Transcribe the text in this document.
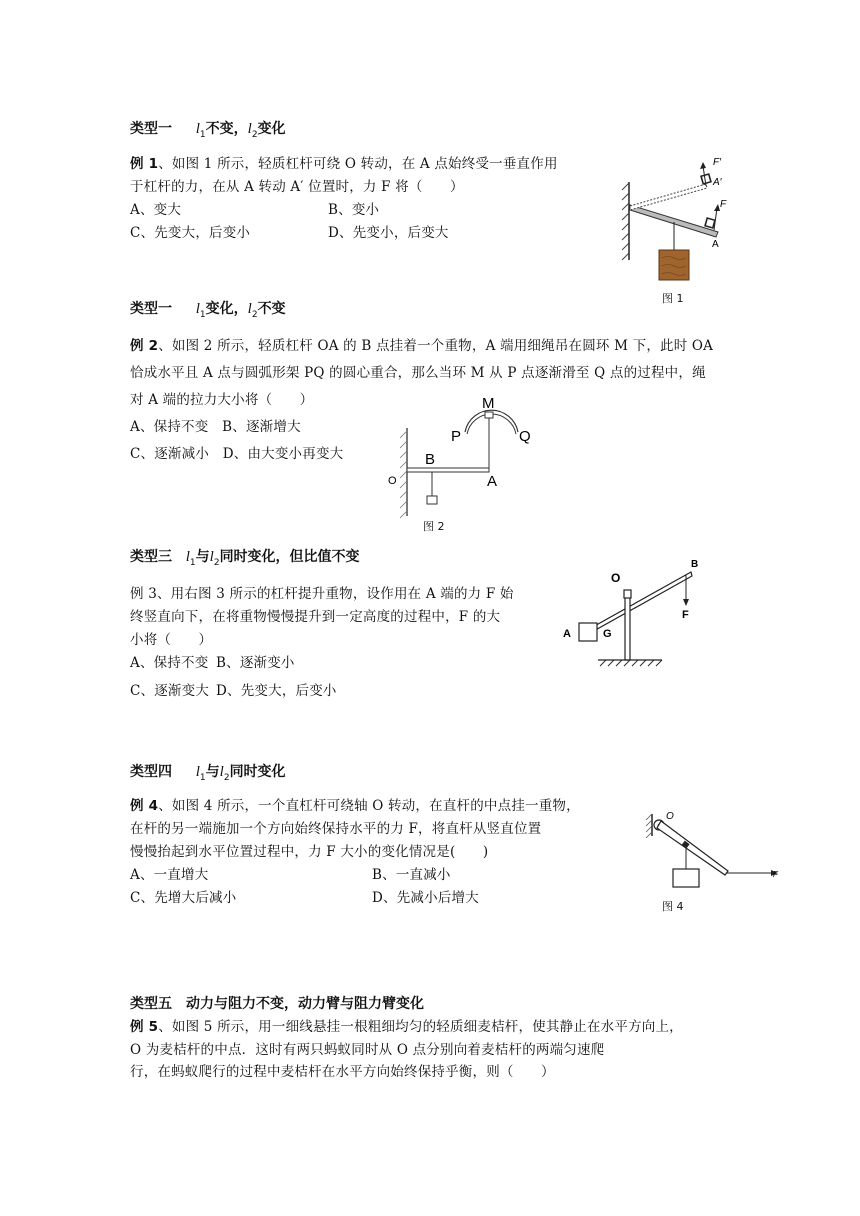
类型一 $l_1$不变，$l_2$变化
例 1、如图 1 所示，轻质杠杆可绕 O 转动，在 A 点始终受一垂直作用
于杠杆的力，在从 A 转动 A′ 位置时，力 F 将（　　）
A、变大	B、变小
C、先变大，后变小	D、先变小，后变大
F′
A′
F
A
图 1
类型一 $l_1$变化，$l_2$不变
例 2、如图 2 所示，轻质杠杆 OA 的 B 点挂着一个重物，A 端用细绳吊在圆环 M 下，此时 OA
恰成水平且 A 点与圆弧形架 PQ 的圆心重合，那么当环 M 从 P 点逐渐滑至 Q 点的过程中，绳
对 A 端的拉力大小将（　　）
A、保持不变　B、逐渐增大
C、逐渐减小　D、由大变小再变大
M
P	Q
B
O	A
图 2
类型三 $l_1$与$l_2$同时变化，但比值不变
例 3、用右图 3 所示的杠杆提升重物，设作用在 A 端的力 F 始
终竖直向下，在将重物慢慢提升到一定高度的过程中，F 的大
小将（　　）
A、保持不变 B、逐渐变小
C、逐渐变大 D、先变大，后变小
O
B
F
A	G
类型四 $l_1$与$l_2$同时变化
例 4、如图 4 所示，一个直杠杆可绕轴 O 转动，在直杆的中点挂一重物，
在杆的另一端施加一个方向始终保持水平的力 F，将直杆从竖直位置
慢慢抬起到水平位置过程中，力 F 大小的变化情况是(　　)
A、一直增大	B、一直减小
C、先增大后减小	D、先减小后增大
O
F
图 4
类型五　动力与阻力不变，动力臂与阻力臂变化
例 5、如图 5 所示，用一细线悬挂一根粗细均匀的轻质细麦桔杆，使其静止在水平方向上，
O 为麦桔杆的中点．这时有两只蚂蚁同时从 O 点分别向着麦桔杆的两端匀速爬
行，在蚂蚁爬行的过程中麦桔杆在水平方向始终保持乎衡，则（　　）
